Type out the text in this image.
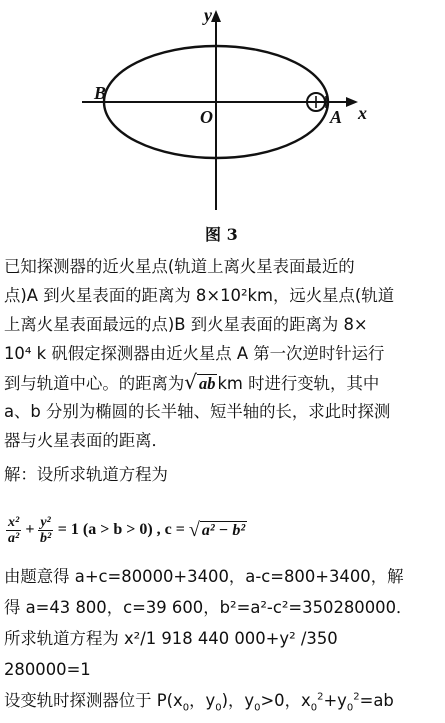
y
x
B
O	A
图 3
已知探测器的近火星点(轨道上离火星表面最近的
点)A 到火星表面的距离为 8×10²km，远火星点(轨道
上离火星表面最远的点)B 到火星表面的距离为 8×
10⁴ k 矾假定探测器由近火星点 A 第一次逆时针运行
到与轨道中心。的距离为√ ab km 时进行变轨，其中
a、b 分别为椭圆的长半轴、短半轴的长，求此时探测
器与火星表面的距离．
解：设所求轨道方程为
$\frac{\text{x²}}{\text{a²}} + \frac{\text{y²}}{\text{b²}} = 1$ (a > b > 0) , c = √ a² − b²
由题意得 a+c=80000+3400，a-c=800+3400，解
得 a=43 800，c=39 600，b²=a²-c²=350280000．
所求轨道方程为 x²/1 918 440 000+y² /350
280000=1
设变轨时探测器位于 $P(x_0$，$y_0$)，$y_0>0$，$x_0^2+y_0^2=ab$
